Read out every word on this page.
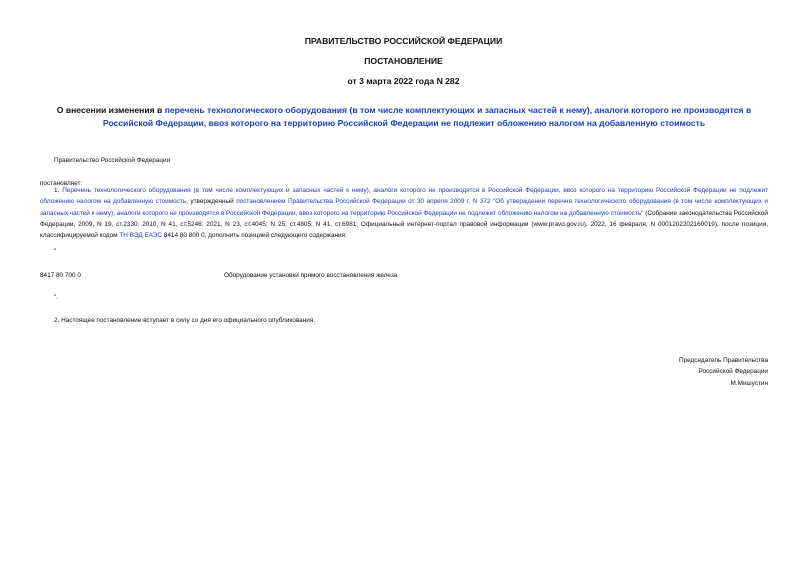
ПРАВИТЕЛЬСТВО РОССИЙСКОЙ ФЕДЕРАЦИИ
ПОСТАНОВЛЕНИЕ
от 3 марта 2022 года N 282
О внесении изменения в перечень технологического оборудования (в том числе комплектующих и запасных частей к нему), аналоги которого не производятся в Российской Федерации, ввоз которого на территорию Российской Федерации не подлежит обложению налогом на добавленную стоимость
Правительство Российской Федерации
постановляет:
1. Перечень технологического оборудования (в том числе комплектующих и запасных частей к нему), аналоги которого не производятся в Российской Федерации, ввоз которого на территорию Российской Федерации не подлежит обложению налогом на добавленную стоимость, утвержденный постановлением Правительства Российской Федерации от 30 апреля 2009 г. N 372 "Об утверждении перечня технологического оборудования (в том числе комплектующих и запасных частей к нему), аналоги которого не производятся в Российской Федерации, ввоз которого на территорию Российской Федерации не подлежит обложению налогом на добавленную стоимость" (Собрание законодательства Российской Федерации, 2009, N 19, ст.2330; 2010, N 41, ст.5246; 2021, N 23, ст.4045; N 25, ст.4805; N 41, ст.6981; Официальный интернет-портал правовой информации (www.pravo.gov.ru), 2022, 16 февраля, N 0001202202160019), после позиции, классифицируемой кодом ТН ВЭД ЕАЭС 8414 80 800 0, дополнить позицией следующего содержания:
"
8417 80 700 0	Оборудование установки прямого восстановления железа
".
2. Настоящее постановление вступает в силу со дня его официального опубликования.
Председатель Правительства
Российской Федерации
М.Мишустин
